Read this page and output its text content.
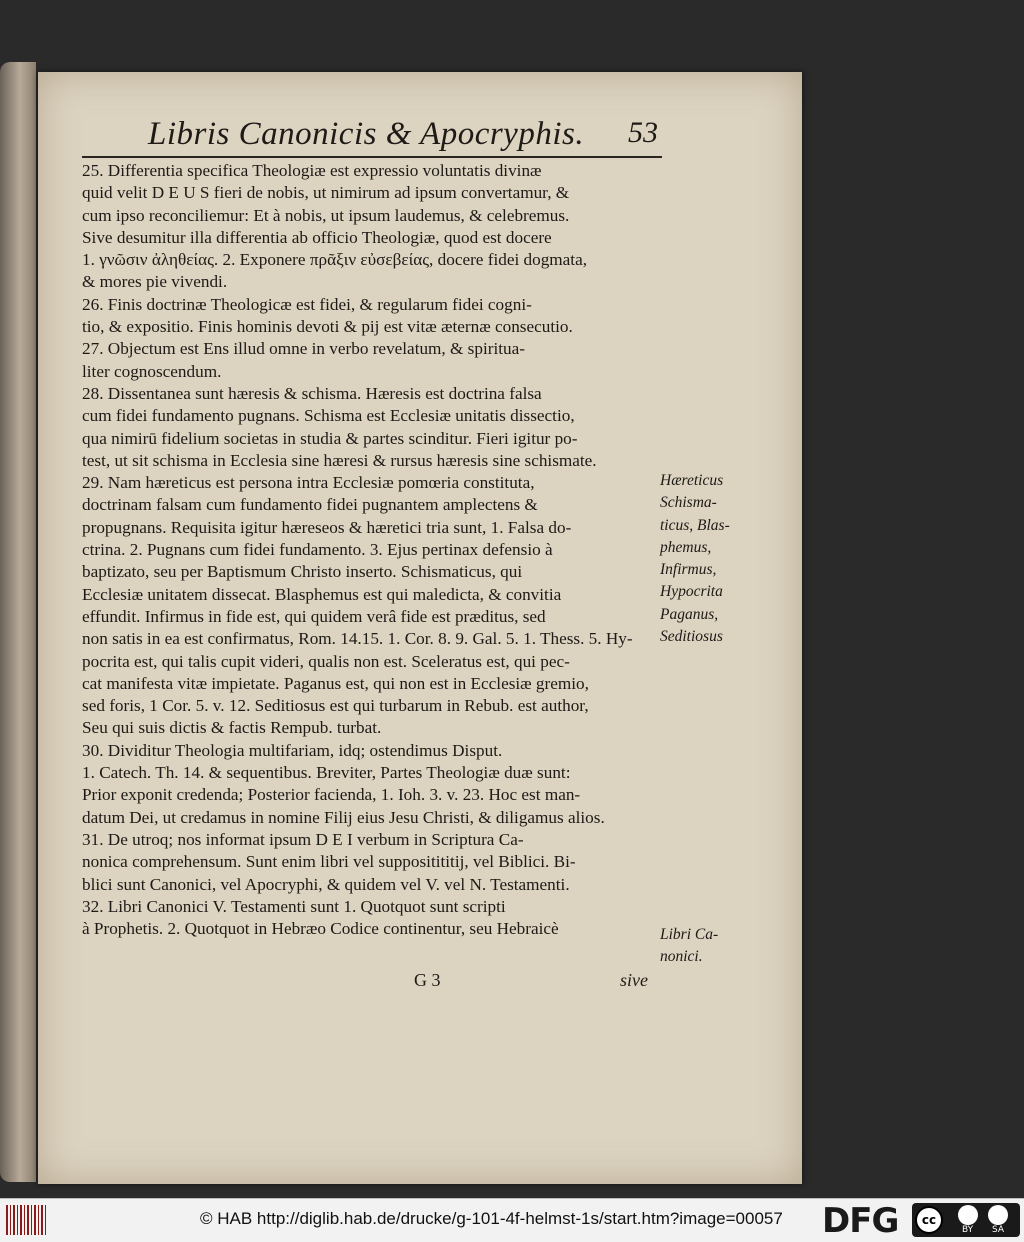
Libris Canonicis & Apocryphis.	53
25. Differentia specifica Theologiæ est expressio voluntatis divinæ
quid velit D E U S fieri de nobis, ut nimirum ad ipsum convertamur, &
cum ipso reconciliemur: Et à nobis, ut ipsum laudemus, & celebremus.
Sive desumitur illa differentia ab officio Theologiæ, quod est docere
1. γνῶσιν ἀληθείας. 2. Exponere πρᾶξιν εὐσεβείας, docere fidei dogmata,
& mores pie vivendi.
26. Finis doctrinæ Theologicæ est fidei, & regularum fidei cogni-
tio, & expositio. Finis hominis devoti & pij est vitæ æternæ consecutio.
27. Objectum est Ens illud omne in verbo revelatum, & spiritua-
liter cognoscendum.
28. Dissentanea sunt hæresis & schisma. Hæresis est doctrina falsa
cum fidei fundamento pugnans. Schisma est Ecclesiæ unitatis dissectio,
qua nimirū fidelium societas in studia & partes scinditur. Fieri igitur po-
test, ut sit schisma in Ecclesia sine hæresi & rursus hæresis sine schismate.
29. Nam hæreticus est persona intra Ecclesiæ pomœria constituta,
doctrinam falsam cum fundamento fidei pugnantem amplectens &
propugnans. Requisita igitur hæreseos & hæretici tria sunt, 1. Falsa do-
ctrina. 2. Pugnans cum fidei fundamento. 3. Ejus pertinax defensio à
baptizato, seu per Baptismum Christo inserto. Schismaticus, qui
Ecclesiæ unitatem dissecat. Blasphemus est qui maledicta, & convitia
effundit. Infirmus in fide est, qui quidem verâ fide est præditus, sed
non satis in ea est confirmatus, Rom. 14.15. 1. Cor. 8. 9. Gal. 5. 1. Thess. 5. Hy-
pocrita est, qui talis cupit videri, qualis non est. Sceleratus est, qui pec-
cat manifesta vitæ impietate. Paganus est, qui non est in Ecclesiæ gremio,
sed foris, 1 Cor. 5. v. 12. Seditiosus est qui turbarum in Rebub. est author,
Seu qui suis dictis & factis Rempub. turbat.
30. Dividitur Theologia multifariam, idq; ostendimus Disput.
1. Catech. Th. 14. & sequentibus. Breviter, Partes Theologiæ duæ sunt:
Prior exponit credenda; Posterior facienda, 1. Ioh. 3. v. 23. Hoc est man-
datum Dei, ut credamus in nomine Filij eius Jesu Christi, & diligamus alios.
31. De utroq; nos informat ipsum D E I verbum in Scriptura Ca-
nonica comprehensum. Sunt enim libri vel suppositititij, vel Biblici. Bi-
blici sunt Canonici, vel Apocryphi, & quidem vel V. vel N. Testamenti.
32. Libri Canonici V. Testamenti sunt 1. Quotquot sunt scripti
à Prophetis. 2. Quotquot in Hebræo Codice continentur, seu Hebraicè
Hæreticus
Schisma-
ticus, Blas-
phemus,
Infirmus,
Hypocrita
Paganus,
Seditiosus
Libri Ca-
nonici.
G 3	sive
© HAB http://diglib.hab.de/drucke/g-101-4f-helmst-1s/start.htm?image=00057 DFG	cc
BY SA
